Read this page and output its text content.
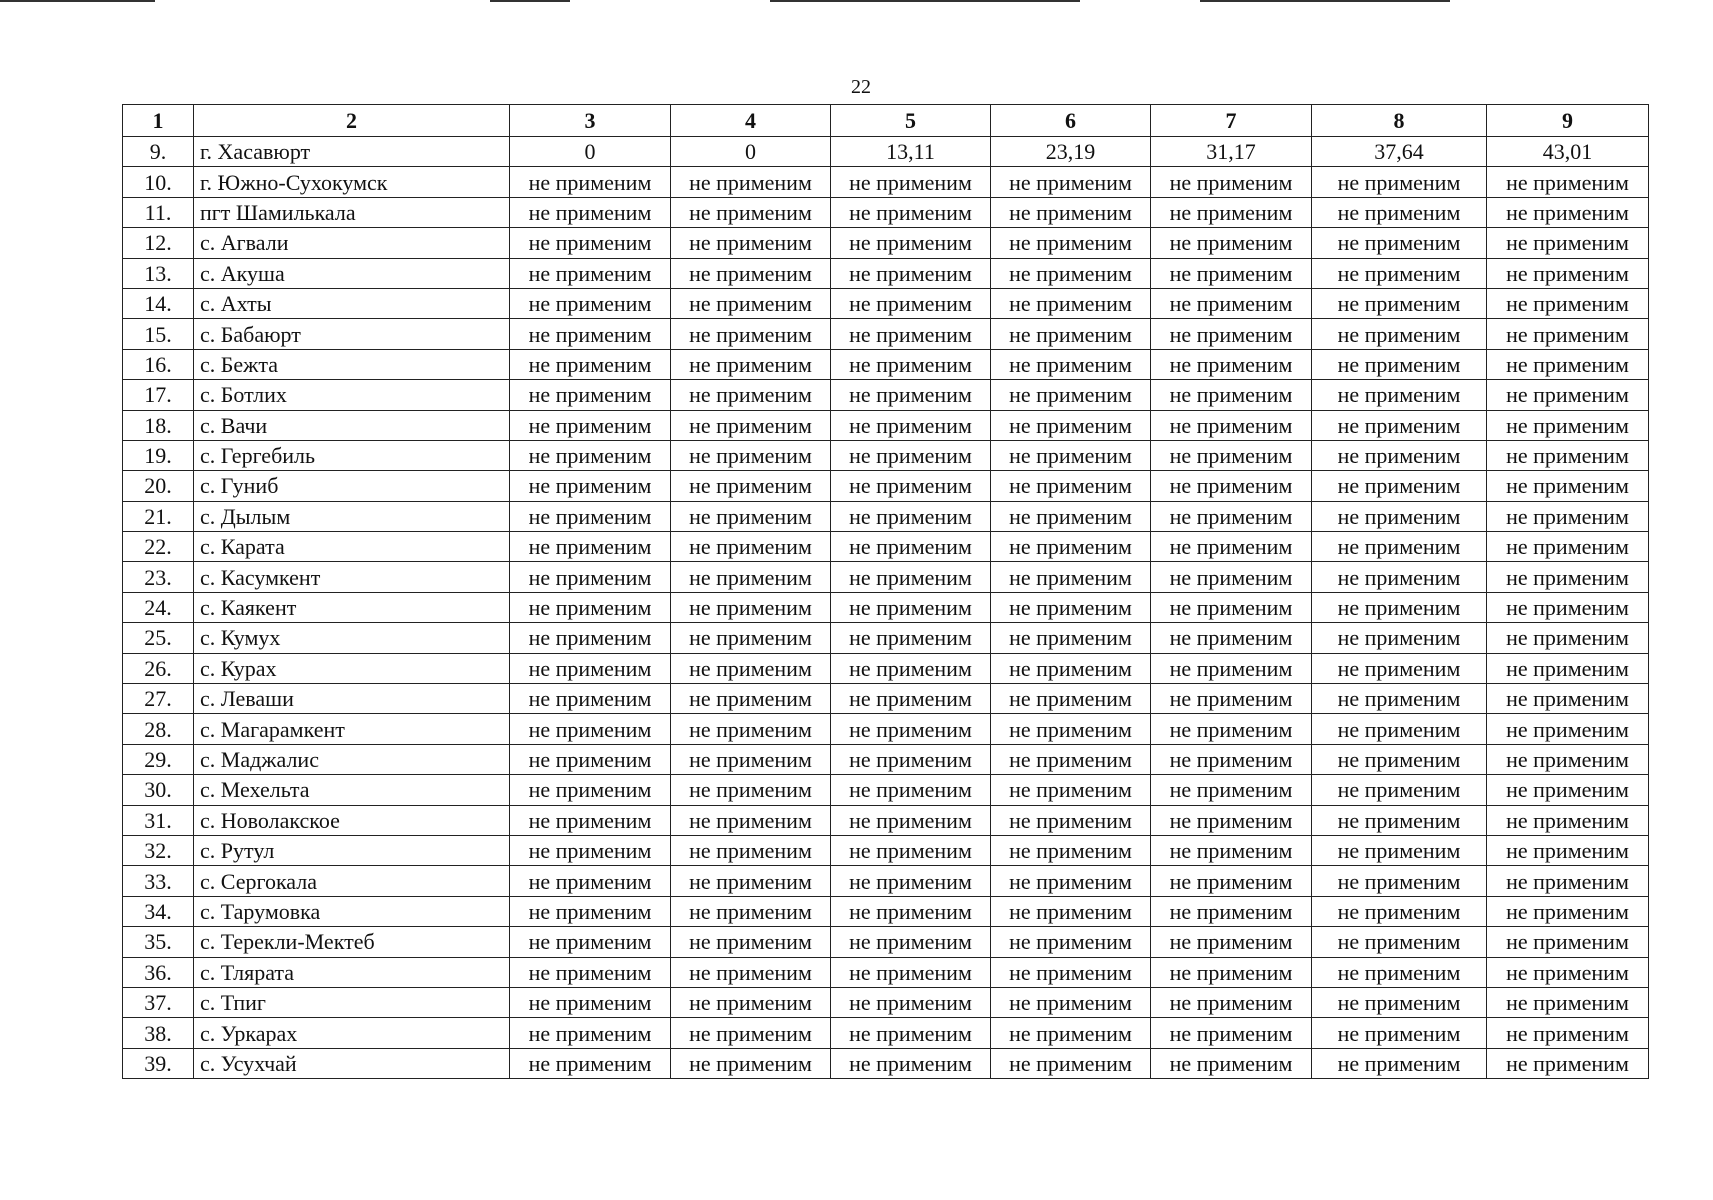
22
1	2	3	4	5	6	7	8	9
9.	г. Хасавюрт	0	0	13,11	23,19	31,17	37,64	43,01
10.	г. Южно-Сухокумск	не применим	не применим	не применим	не применим	не применим	не применим	не применим
11.	пгт Шамилькала	не применим	не применим	не применим	не применим	не применим	не применим	не применим
12.	с. Агвали	не применим	не применим	не применим	не применим	не применим	не применим	не применим
13.	с. Акуша	не применим	не применим	не применим	не применим	не применим	не применим	не применим
14.	с. Ахты	не применим	не применим	не применим	не применим	не применим	не применим	не применим
15.	с. Бабаюрт	не применим	не применим	не применим	не применим	не применим	не применим	не применим
16.	с. Бежта	не применим	не применим	не применим	не применим	не применим	не применим	не применим
17.	с. Ботлих	не применим	не применим	не применим	не применим	не применим	не применим	не применим
18.	с. Вачи	не применим	не применим	не применим	не применим	не применим	не применим	не применим
19.	с. Гергебиль	не применим	не применим	не применим	не применим	не применим	не применим	не применим
20.	с. Гуниб	не применим	не применим	не применим	не применим	не применим	не применим	не применим
21.	с. Дылым	не применим	не применим	не применим	не применим	не применим	не применим	не применим
22.	с. Карата	не применим	не применим	не применим	не применим	не применим	не применим	не применим
23.	с. Касумкент	не применим	не применим	не применим	не применим	не применим	не применим	не применим
24.	с. Каякент	не применим	не применим	не применим	не применим	не применим	не применим	не применим
25.	с. Кумух	не применим	не применим	не применим	не применим	не применим	не применим	не применим
26.	с. Курах	не применим	не применим	не применим	не применим	не применим	не применим	не применим
27.	с. Леваши	не применим	не применим	не применим	не применим	не применим	не применим	не применим
28.	с. Магарамкент	не применим	не применим	не применим	не применим	не применим	не применим	не применим
29.	с. Маджалис	не применим	не применим	не применим	не применим	не применим	не применим	не применим
30.	с. Мехельта	не применим	не применим	не применим	не применим	не применим	не применим	не применим
31.	с. Новолакское	не применим	не применим	не применим	не применим	не применим	не применим	не применим
32.	с. Рутул	не применим	не применим	не применим	не применим	не применим	не применим	не применим
33.	с. Сергокала	не применим	не применим	не применим	не применим	не применим	не применим	не применим
34.	с. Тарумовка	не применим	не применим	не применим	не применим	не применим	не применим	не применим
35.	с. Терекли-Мектеб	не применим	не применим	не применим	не применим	не применим	не применим	не применим
36.	с. Тлярата	не применим	не применим	не применим	не применим	не применим	не применим	не применим
37.	с. Тпиг	не применим	не применим	не применим	не применим	не применим	не применим	не применим
38.	с. Уркарах	не применим	не применим	не применим	не применим	не применим	не применим	не применим
39.	с. Усухчай	не применим	не применим	не применим	не применим	не применим	не применим	не применим
